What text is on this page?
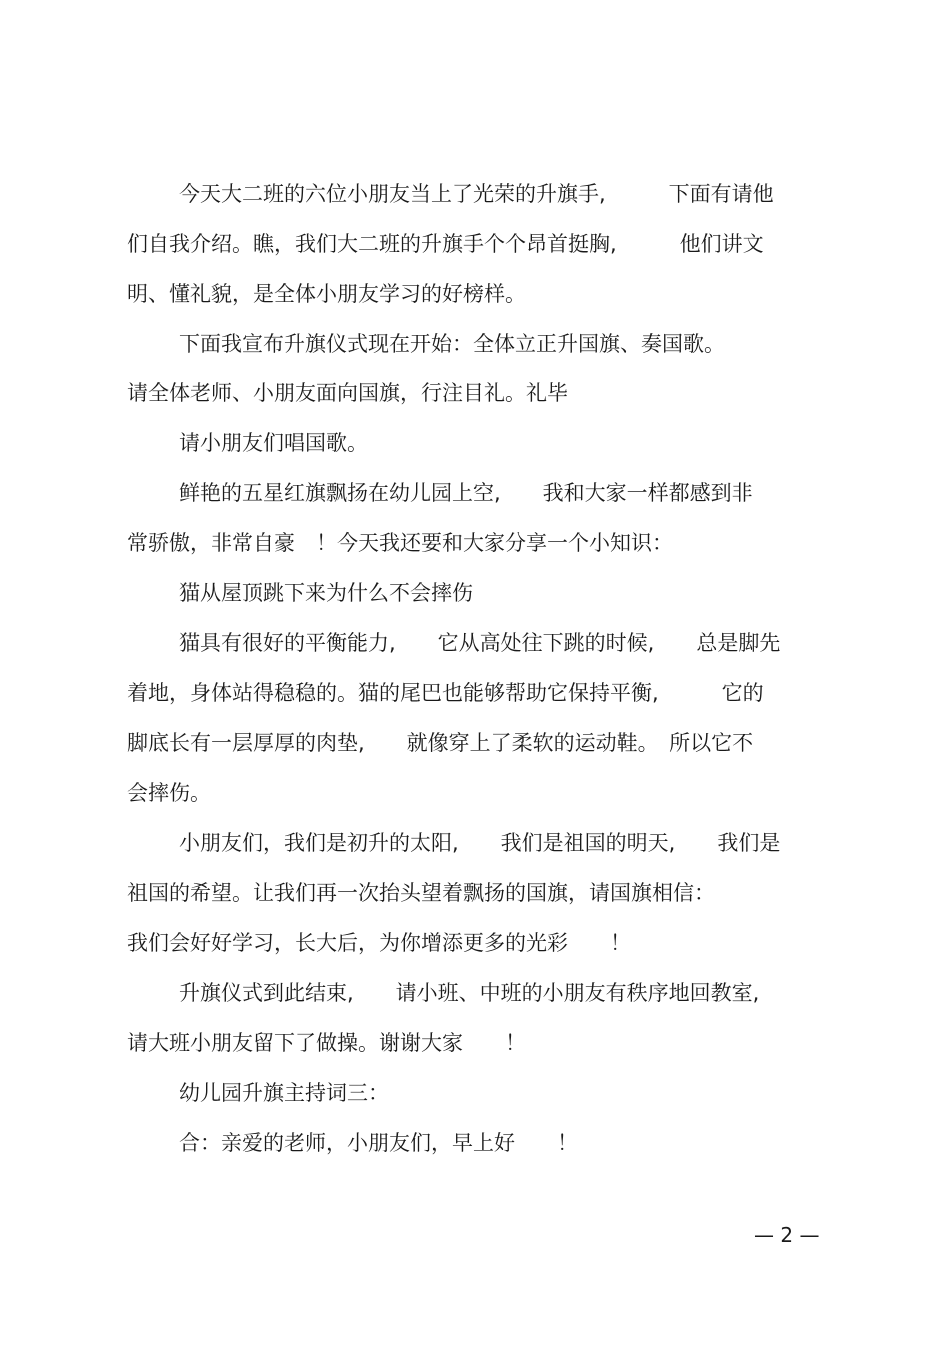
今天大二班的六位小朋友当上了光荣的升旗手,　　　下面有请他

们自我介绍。瞧，我们大二班的升旗手个个昂首挺胸,　　　他们讲文

明、懂礼貌，是全体小朋友学习的好榜样。

下面我宣布升旗仪式现在开始：全体立正升国旗、奏国歌。

请全体老师、小朋友面向国旗，行注目礼。礼毕

请小朋友们唱国歌。

鲜艳的五星红旗飘扬在幼儿园上空,　　我和大家一样都感到非

常骄傲，非常自豪　！今天我还要和大家分享一个小知识：

猫从屋顶跳下来为什么不会摔伤

猫具有很好的平衡能力,　　它从高处往下跳的时候,　　总是脚先

着地，身体站得稳稳的。猫的尾巴也能够帮助它保持平衡,　　　它的

脚底长有一层厚厚的肉垫,　　就像穿上了柔软的运动鞋。　所以它不

会摔伤。

小朋友们，我们是初升的太阳,　　我们是祖国的明天,　　我们是

祖国的希望。让我们再一次抬头望着飘扬的国旗，请国旗相信：

我们会好好学习，长大后，为你增添更多的光彩　　！

升旗仪式到此结束,　　请小班、中班的小朋友有秩序地回教室,

请大班小朋友留下了做操。谢谢大家　　！

幼儿园升旗主持词三：

合：亲爱的老师，小朋友们，早上好　　！

— 2 —
